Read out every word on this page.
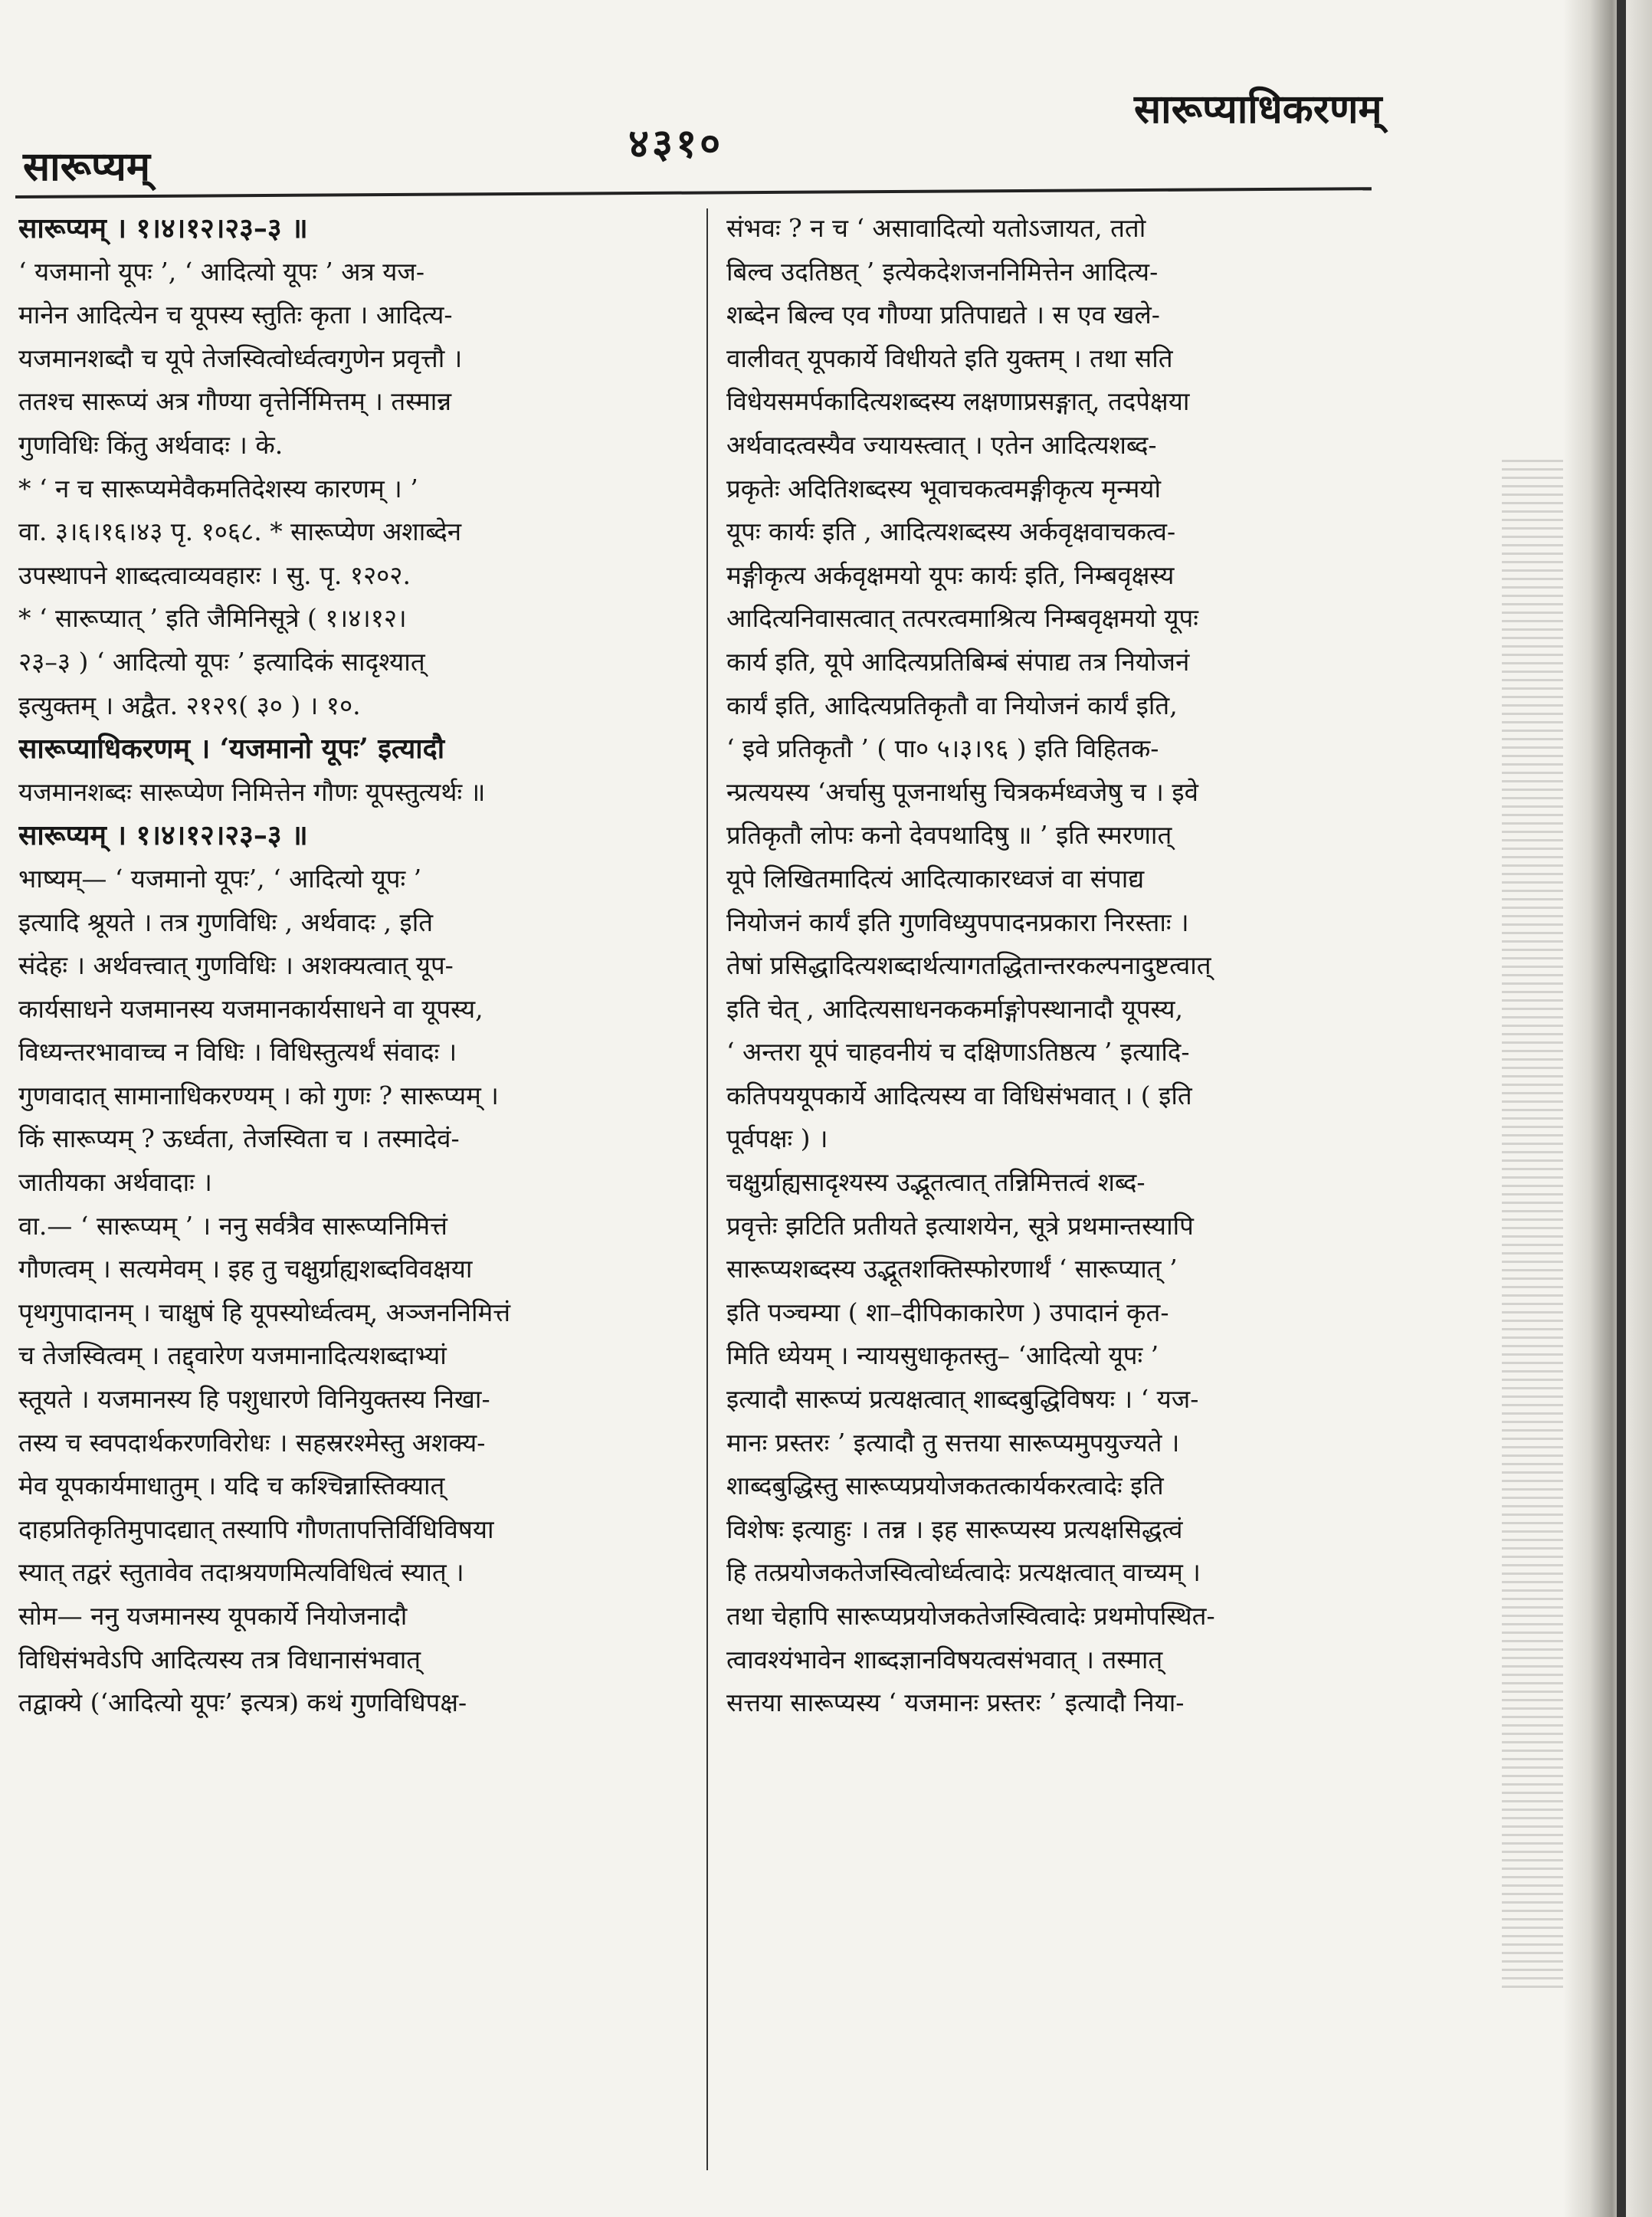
सारूप्यम्	४३१०
सारूप्याधिकरणम्
सारूप्यम् । १।४।१२।२३–३ ॥
‘ यजमानो यूपः ’, ‘ आदित्यो यूपः ’ अत्र यज-
मानेन आदित्येन च यूपस्य स्तुतिः कृता । आदित्य-
यजमानशब्दौ च यूपे तेजस्वित्वोर्ध्वत्वगुणेन प्रवृत्तौ ।
ततश्च सारूप्यं अत्र गौण्या वृत्तेर्निमित्तम् । तस्मान्न
गुणविधिः किंतु अर्थवादः । के.
* ‘ न च सारूप्यमेवैकमतिदेशस्य कारणम् । ’
वा. ३।६।१६।४३ पृ. १०६८. * सारूप्येण अशाब्देन
उपस्थापने शाब्दत्वाव्यवहारः । सु. पृ. १२०२.
* ‘ सारूप्यात् ’ इति जैमिनिसूत्रे ( १।४।१२।
२३–३ ) ‘ आदित्यो यूपः ’ इत्यादिकं सादृश्यात्
इत्युक्तम् । अद्वैत. २१२९( ३० ) । १०.
सारूप्याधिकरणम् । ‘यजमानो यूपः’ इत्यादौ
यजमानशब्दः सारूप्येण निमित्तेन गौणः यूपस्तुत्यर्थः ॥
सारूप्यम् । १।४।१२।२३–३ ॥
भाष्यम्— ‘ यजमानो यूपः’, ‘ आदित्यो यूपः ’
इत्यादि श्रूयते । तत्र गुणविधिः , अर्थवादः , इति
संदेहः । अर्थवत्त्वात् गुणविधिः । अशक्यत्वात् यूप-
कार्यसाधने यजमानस्य यजमानकार्यसाधने वा यूपस्य,
विध्यन्तरभावाच्च न विधिः । विधिस्तुत्यर्थं संवादः ।
गुणवादात् सामानाधिकरण्यम् । को गुणः ? सारूप्यम् ।
किं सारूप्यम् ? ऊर्ध्वता, तेजस्विता च । तस्मादेवं-
जातीयका अर्थवादाः ।
वा.— ‘ सारूप्यम् ’ । ननु सर्वत्रैव सारूप्यनिमित्तं
गौणत्वम् । सत्यमेवम् । इह तु चक्षुर्ग्राह्यशब्दविवक्षया
पृथगुपादानम् । चाक्षुषं हि यूपस्योर्ध्वत्वम्, अञ्जननिमित्तं
च तेजस्वित्वम् । तद्द्वारेण यजमानादित्यशब्दाभ्यां
स्तूयते । यजमानस्य हि पशुधारणे विनियुक्तस्य निखा-
तस्य च स्वपदार्थकरणविरोधः । सहस्ररश्मेस्तु अशक्य-
मेव यूपकार्यमाधातुम् । यदि च कश्चिन्नास्तिक्यात्
दाहप्रतिकृतिमुपादद्यात् तस्यापि गौणतापत्तिर्विधिविषया
स्यात् तद्वरं स्तुतावेव तदाश्रयणमित्यविधित्वं स्यात् ।
सोम— ननु यजमानस्य यूपकार्ये नियोजनादौ
विधिसंभवेऽपि आदित्यस्य तत्र विधानासंभवात्
तद्वाक्ये (‘आदित्यो यूपः’ इत्यत्र) कथं गुणविधिपक्ष-
संभवः ? न च ‘ असावादित्यो यतोऽजायत, ततो
बिल्व उदतिष्ठत् ’ इत्येकदेशजननिमित्तेन आदित्य-
शब्देन बिल्व एव गौण्या प्रतिपाद्यते । स एव खले-
वालीवत् यूपकार्ये विधीयते इति युक्तम् । तथा सति
विधेयसमर्पकादित्यशब्दस्य लक्षणाप्रसङ्गात्, तदपेक्षया
अर्थवादत्वस्यैव ज्यायस्त्वात् । एतेन आदित्यशब्द-
प्रकृतेः अदितिशब्दस्य भूवाचकत्वमङ्गीकृत्य मृन्मयो
यूपः कार्यः इति , आदित्यशब्दस्य अर्कवृक्षवाचकत्व-
मङ्गीकृत्य अर्कवृक्षमयो यूपः कार्यः इति, निम्बवृक्षस्य
आदित्यनिवासत्वात् तत्परत्वमाश्रित्य निम्बवृक्षमयो यूपः
कार्य इति, यूपे आदित्यप्रतिबिम्बं संपाद्य तत्र नियोजनं
कार्यं इति, आदित्यप्रतिकृतौ वा नियोजनं कार्यं इति,
‘ इवे प्रतिकृतौ ’ ( पा० ५।३।९६ ) इति विहितक-
न्प्रत्ययस्य ‘अर्चासु पूजनार्थासु चित्रकर्मध्वजेषु च । इवे
प्रतिकृतौ लोपः कनो देवपथादिषु ॥ ’ इति स्मरणात्
यूपे लिखितमादित्यं आदित्याकारध्वजं वा संपाद्य
नियोजनं कार्यं इति गुणविध्युपपादनप्रकारा निरस्ताः ।
तेषां प्रसिद्धादित्यशब्दार्थत्यागतद्धितान्तरकल्पनादुष्टत्वात्
इति चेत् , आदित्यसाधनककर्माङ्गोपस्थानादौ यूपस्य,
‘ अन्तरा यूपं चाहवनीयं च दक्षिणाऽतिष्ठत्य ’ इत्यादि-
कतिपययूपकार्ये आदित्यस्य वा विधिसंभवात् । ( इति
पूर्वपक्षः ) ।
चक्षुर्ग्राह्यसादृश्यस्य उद्भूतत्वात् तन्निमित्तत्वं शब्द-
प्रवृत्तेः झटिति प्रतीयते इत्याशयेन, सूत्रे प्रथमान्तस्यापि
सारूप्यशब्दस्य उद्भूतशक्तिस्फोरणार्थं ‘ सारूप्यात् ’
इति पञ्चम्या ( शा–दीपिकाकारेण ) उपादानं कृत-
मिति ध्येयम् । न्यायसुधाकृतस्तु– ‘आदित्यो यूपः ’
इत्यादौ सारूप्यं प्रत्यक्षत्वात् शाब्दबुद्धिविषयः । ‘ यज-
मानः प्रस्तरः ’ इत्यादौ तु सत्तया सारूप्यमुपयुज्यते ।
शाब्दबुद्धिस्तु सारूप्यप्रयोजकतत्कार्यकरत्वादेः इति
विशेषः इत्याहुः । तन्न । इह सारूप्यस्य प्रत्यक्षसिद्धत्वं
हि तत्प्रयोजकतेजस्वित्वोर्ध्वत्वादेः प्रत्यक्षत्वात् वाच्यम् ।
तथा चेहापि सारूप्यप्रयोजकतेजस्वित्वादेः प्रथमोपस्थित-
त्वावश्यंभावेन शाब्दज्ञानविषयत्वसंभवात् । तस्मात्
सत्तया सारूप्यस्य ‘ यजमानः प्रस्तरः ’ इत्यादौ निया-
